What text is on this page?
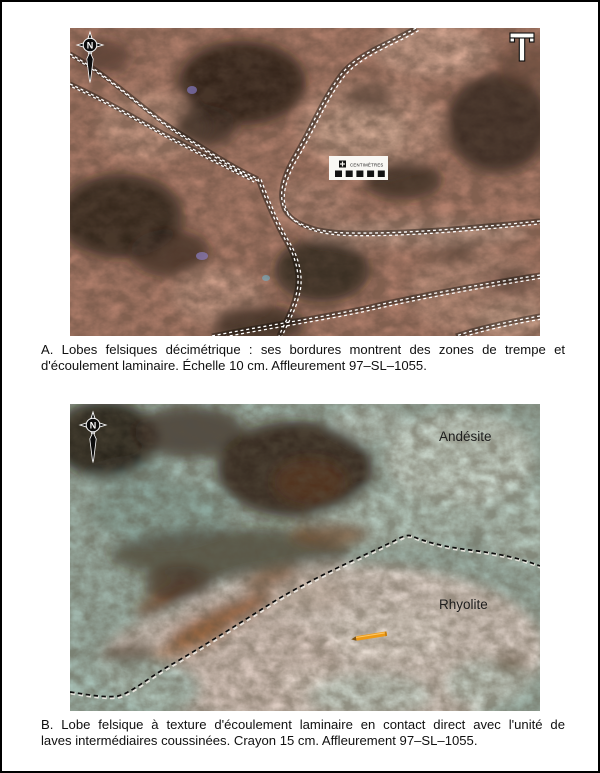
N
CENTIMÈTRES
A. Lobes felsiques décimétrique : ses bordures montrent des zones de trempe et
d'écoulement laminaire. Échelle 10 cm. Affleurement 97–SL–1055.
N
Andésite
Rhyolite
B. Lobe felsique à texture d'écoulement laminaire en contact direct avec l'unité de
laves intermédiaires coussinées. Crayon 15 cm. Affleurement 97–SL–1055.
